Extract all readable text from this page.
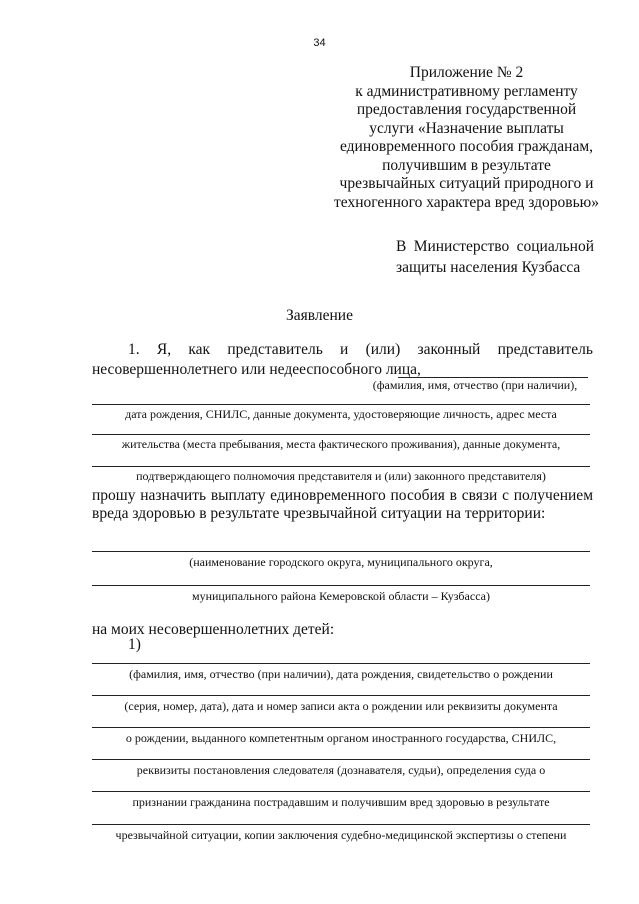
34
Приложение № 2
к административному регламенту
предоставления государственной
услуги «Назначение выплаты
единовременного пособия гражданам,
получившим в результате
чрезвычайных ситуаций природного и
техногенного характера вред здоровью»
В Министерство социальной
защиты населения Кузбасса
Заявление
1. Я, как представитель и (или) законный представитель
несовершеннолетнего или недееспособного лица,
(фамилия, имя, отчество (при наличии),
дата рождения, СНИЛС, данные документа, удостоверяющие личность, адрес места
жительства (места пребывания, места фактического проживания), данные документа,
подтверждающего полномочия представителя и (или) законного представителя)
прошу назначить выплату единовременного пособия в связи с получением
вреда здоровью в результате чрезвычайной ситуации на территории:
(наименование городского округа, муниципального округа,
муниципального района Кемеровской области – Кузбасса)
на моих несовершеннолетних детей:
1)
(фамилия, имя, отчество (при наличии), дата рождения, свидетельство о рождении
(серия, номер, дата), дата и номер записи акта о рождении или реквизиты документа
о рождении, выданного компетентным органом иностранного государства, СНИЛС,
реквизиты постановления следователя (дознавателя, судьи), определения суда о
признании гражданина пострадавшим и получившим вред здоровью в результате
чрезвычайной ситуации, копии заключения судебно-медицинской экспертизы о степени
